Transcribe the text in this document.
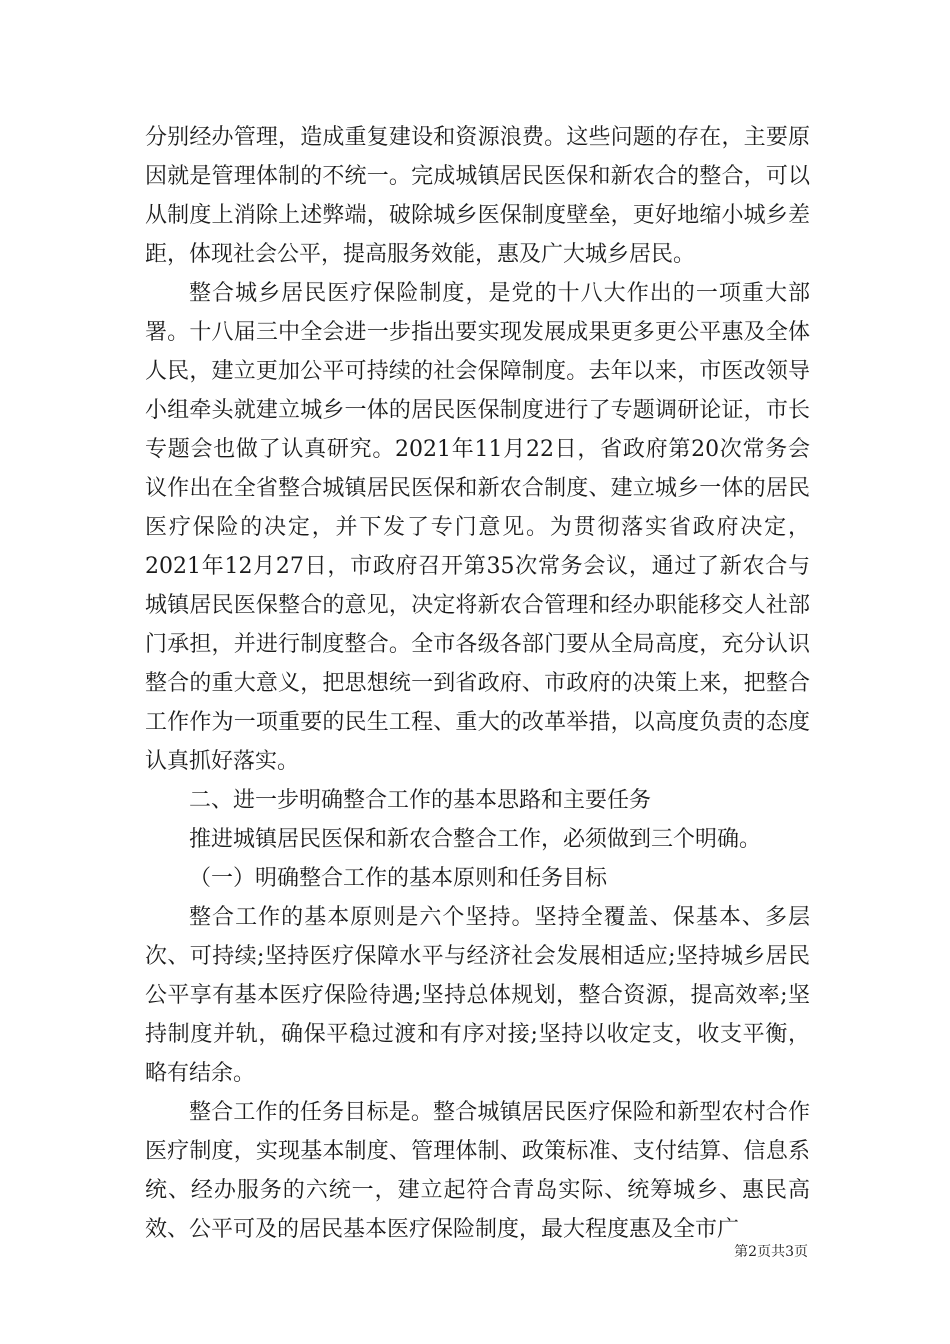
分别经办管理，造成重复建设和资源浪费。这些问题的存在，主要原因就是管理体制的不统一。完成城镇居民医保和新农合的整合，可以从制度上消除上述弊端，破除城乡医保制度壁垒，更好地缩小城乡差距，体现社会公平，提高服务效能，惠及广大城乡居民。

整合城乡居民医疗保险制度，是党的十八大作出的一项重大部署。十八届三中全会进一步指出要实现发展成果更多更公平惠及全体人民，建立更加公平可持续的社会保障制度。去年以来，市医改领导小组牵头就建立城乡一体的居民医保制度进行了专题调研论证，市长专题会也做了认真研究。2021年11月22日，省政府第20次常务会议作出在全省整合城镇居民医保和新农合制度、建立城乡一体的居民医疗保险的决定，并下发了专门意见。为贯彻落实省政府决定，2021年12月27日，市政府召开第35次常务会议，通过了新农合与城镇居民医保整合的意见，决定将新农合管理和经办职能移交人社部门承担，并进行制度整合。全市各级各部门要从全局高度，充分认识整合的重大意义，把思想统一到省政府、市政府的决策上来，把整合工作作为一项重要的民生工程、重大的改革举措，以高度负责的态度认真抓好落实。

二、进一步明确整合工作的基本思路和主要任务

推进城镇居民医保和新农合整合工作，必须做到三个明确。

（一）明确整合工作的基本原则和任务目标

整合工作的基本原则是六个坚持。坚持全覆盖、保基本、多层次、可持续;坚持医疗保障水平与经济社会发展相适应;坚持城乡居民公平享有基本医疗保险待遇;坚持总体规划，整合资源，提高效率;坚持制度并轨，确保平稳过渡和有序对接;坚持以收定支，收支平衡，略有结余。

整合工作的任务目标是。整合城镇居民医疗保险和新型农村合作医疗制度，实现基本制度、管理体制、政策标准、支付结算、信息系统、经办服务的六统一，建立起符合青岛实际、统筹城乡、惠民高效、公平可及的居民基本医疗保险制度，最大程度惠及全市广

第2页共3页
